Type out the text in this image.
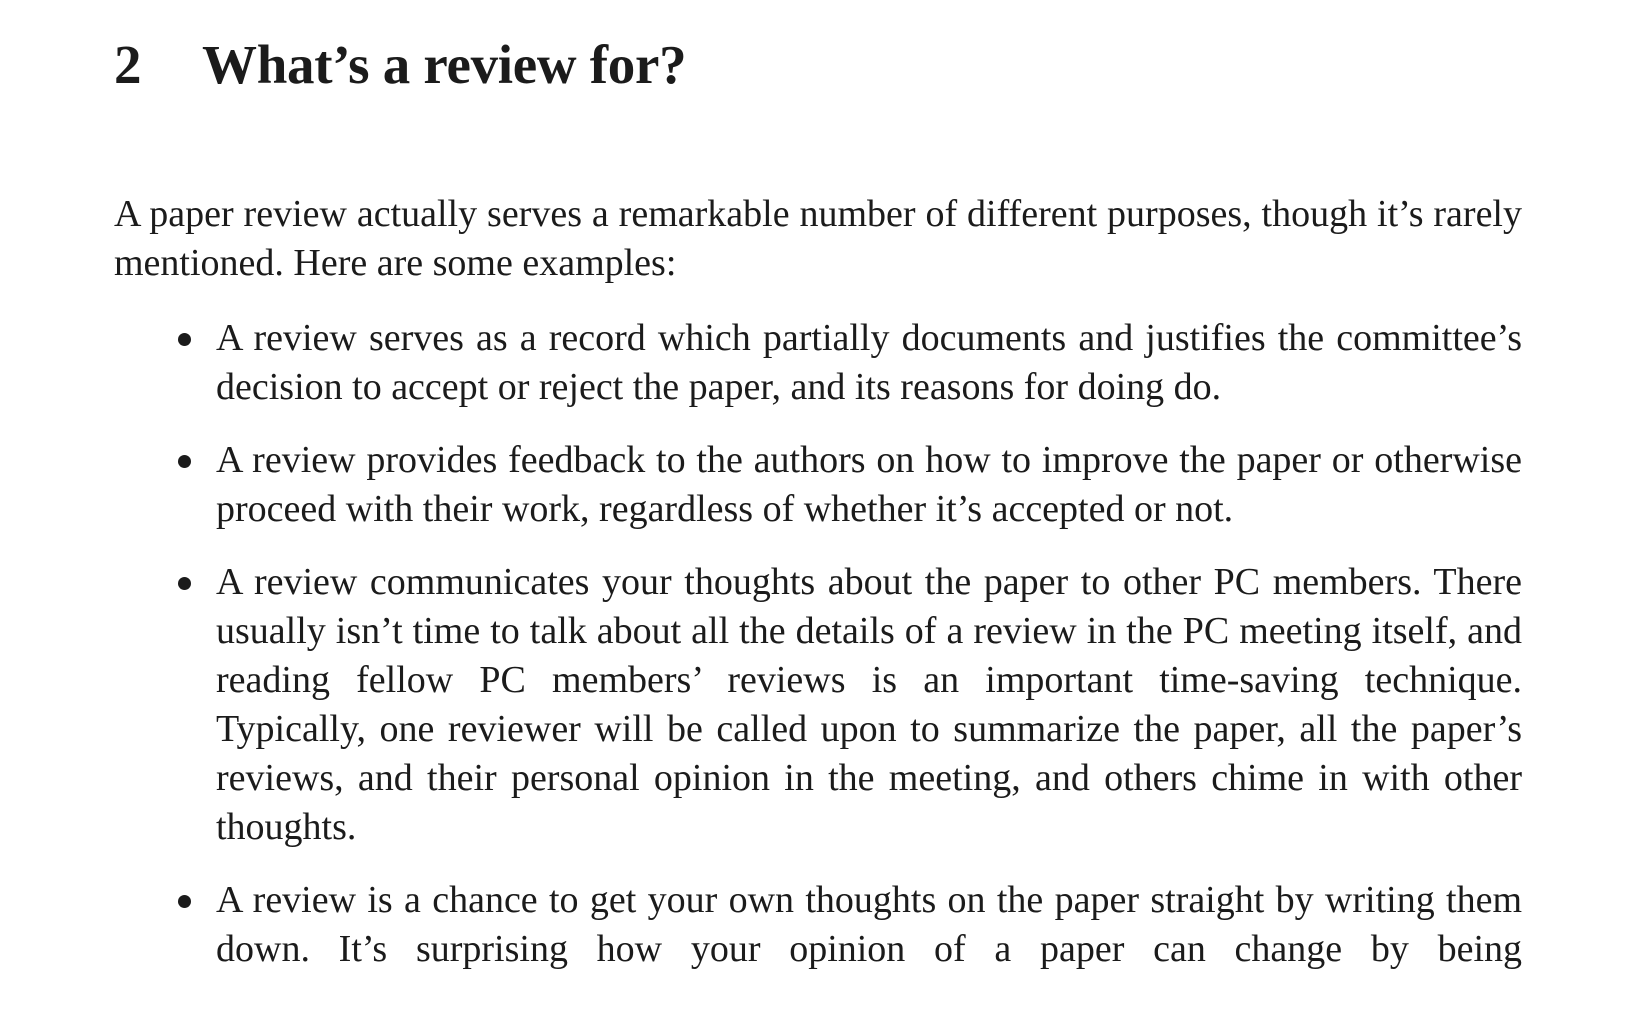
2	What’s a review for?

A paper review actually serves a remarkable number of different purposes, though it’s rarely mentioned. Here are some examples:

A review serves as a record which partially documents and justifies the committee’s decision to accept or reject the paper, and its reasons for doing do.
A review provides feedback to the authors on how to improve the paper or otherwise proceed with their work, regardless of whether it’s accepted or not.
A review communicates your thoughts about the paper to other PC members. There usually isn’t time to talk about all the details of a review in the PC meeting itself, and reading fellow PC members’ reviews is an important time-saving technique. Typically, one reviewer will be called upon to summarize the paper, all the paper’s reviews, and their personal opinion in the meeting, and others chime in with other thoughts.
A review is a chance to get your own thoughts on the paper straight by writing them down. It’s surprising how your opinion of a paper can change by being
